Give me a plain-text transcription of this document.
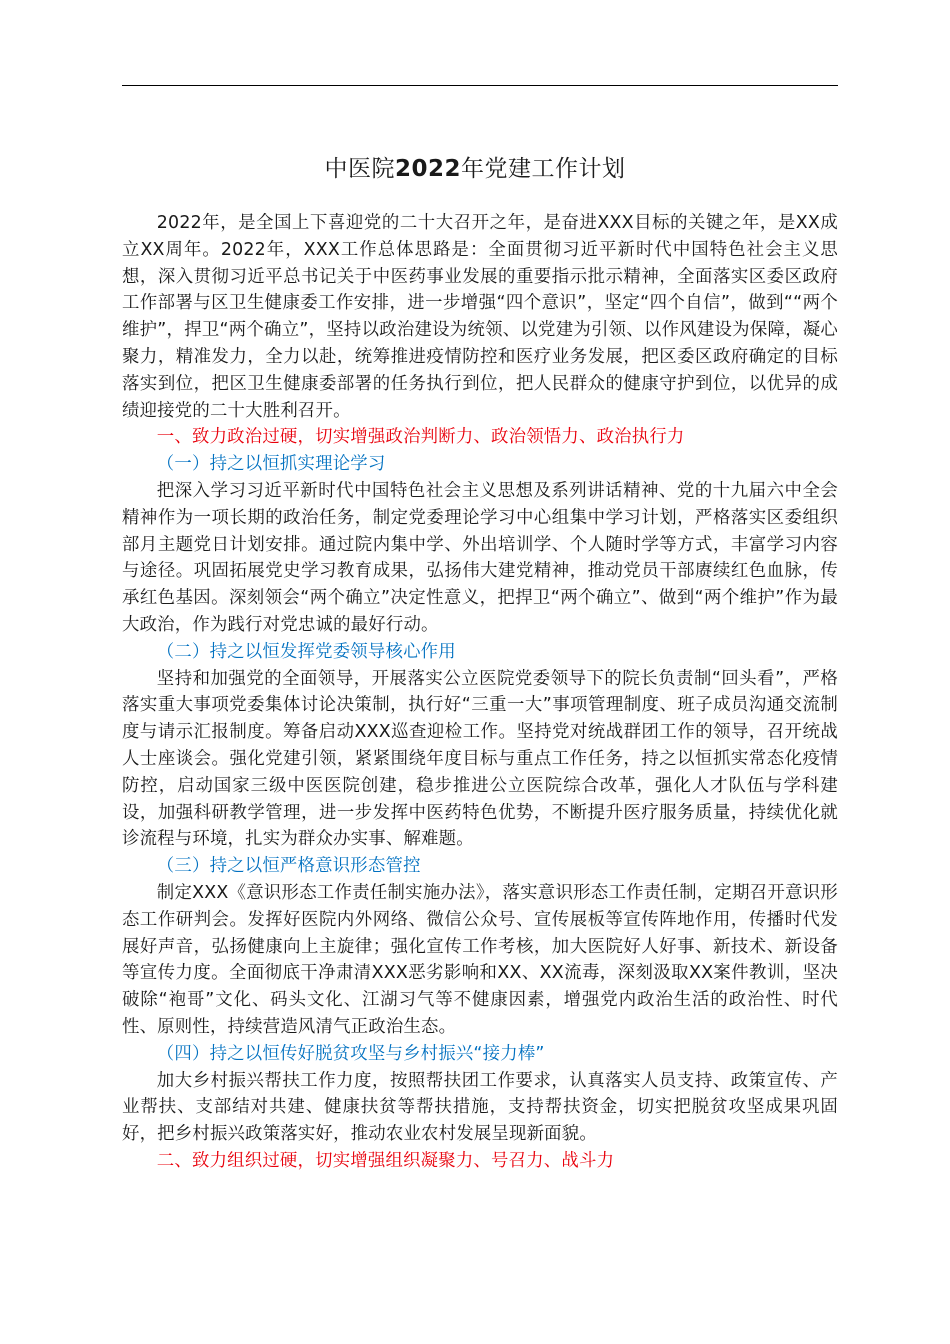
中医院2022年党建工作计划

2022年，是全国上下喜迎党的二十大召开之年，是奋进XXX目标的关键之年，是XX成立XX周年。2022年，XXX工作总体思路是：全面贯彻习近平新时代中国特色社会主义思想，深入贯彻习近平总书记关于中医药事业发展的重要指示批示精神，全面落实区委区政府工作部署与区卫生健康委工作安排，进一步增强“四个意识”，坚定“四个自信”，做到““两个维护”，捍卫“两个确立”，坚持以政治建设为统领、以党建为引领、以作风建设为保障，凝心聚力，精准发力，全力以赴，统筹推进疫情防控和医疗业务发展，把区委区政府确定的目标落实到位，把区卫生健康委部署的任务执行到位，把人民群众的健康守护到位，以优异的成绩迎接党的二十大胜利召开。

一、致力政治过硬，切实增强政治判断力、政治领悟力、政治执行力

（一）持之以恒抓实理论学习

把深入学习习近平新时代中国特色社会主义思想及系列讲话精神、党的十九届六中全会精神作为一项长期的政治任务，制定党委理论学习中心组集中学习计划，严格落实区委组织部月主题党日计划安排。通过院内集中学、外出培训学、个人随时学等方式，丰富学习内容与途径。巩固拓展党史学习教育成果，弘扬伟大建党精神，推动党员干部赓续红色血脉，传承红色基因。深刻领会“两个确立”决定性意义，把捍卫“两个确立”、做到“两个维护”作为最大政治，作为践行对党忠诚的最好行动。

（二）持之以恒发挥党委领导核心作用

坚持和加强党的全面领导，开展落实公立医院党委领导下的院长负责制“回头看”，严格落实重大事项党委集体讨论决策制，执行好“三重一大”事项管理制度、班子成员沟通交流制度与请示汇报制度。筹备启动XXX巡查迎检工作。坚持党对统战群团工作的领导，召开统战人士座谈会。强化党建引领，紧紧围绕年度目标与重点工作任务，持之以恒抓实常态化疫情防控，启动国家三级中医医院创建，稳步推进公立医院综合改革，强化人才队伍与学科建设，加强科研教学管理，进一步发挥中医药特色优势，不断提升医疗服务质量，持续优化就诊流程与环境，扎实为群众办实事、解难题。

（三）持之以恒严格意识形态管控

制定XXX《意识形态工作责任制实施办法》，落实意识形态工作责任制，定期召开意识形态工作研判会。发挥好医院内外网络、微信公众号、宣传展板等宣传阵地作用，传播时代发展好声音，弘扬健康向上主旋律；强化宣传工作考核，加大医院好人好事、新技术、新设备等宣传力度。全面彻底干净肃清XXX恶劣影响和XX、XX流毒，深刻汲取XX案件教训，坚决破除“袍哥”文化、码头文化、江湖习气等不健康因素，增强党内政治生活的政治性、时代性、原则性，持续营造风清气正政治生态。

（四）持之以恒传好脱贫攻坚与乡村振兴“接力棒”

加大乡村振兴帮扶工作力度，按照帮扶团工作要求，认真落实人员支持、政策宣传、产业帮扶、支部结对共建、健康扶贫等帮扶措施，支持帮扶资金，切实把脱贫攻坚成果巩固好，把乡村振兴政策落实好，推动农业农村发展呈现新面貌。

二、致力组织过硬，切实增强组织凝聚力、号召力、战斗力
